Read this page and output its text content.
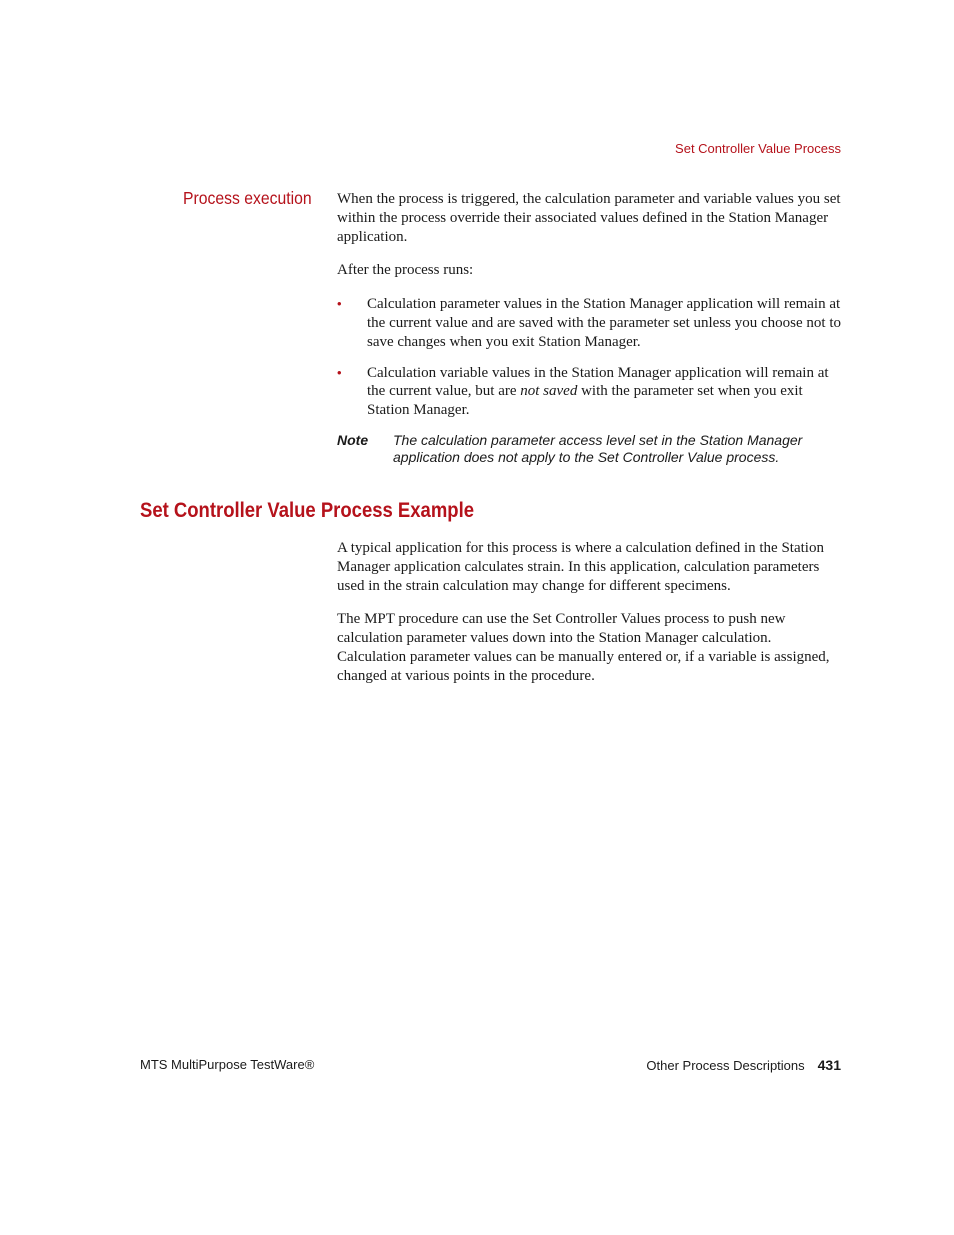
Set Controller Value Process
Process execution When the process is triggered, the calculation parameter and variable values you set within the process override their associated values defined in the Station Manager application.

After the process runs:

• Calculation parameter values in the Station Manager application will remain at the current value and are saved with the parameter set unless you choose not to save changes when you exit Station Manager.
• Calculation variable values in the Station Manager application will remain at the current value, but are not saved with the parameter set when you exit Station Manager.
Note The calculation parameter access level set in the Station Manager application does not apply to the Set Controller Value process.
Set Controller Value Process Example

A typical application for this process is where a calculation defined in the Station Manager application calculates strain. In this application, calculation parameters used in the strain calculation may change for different specimens.

The MPT procedure can use the Set Controller Values process to push new calculation parameter values down into the Station Manager calculation. Calculation parameter values can be manually entered or, if a variable is assigned, changed at various points in the procedure.

MTS MultiPurpose TestWare®	Other Process Descriptions 431
